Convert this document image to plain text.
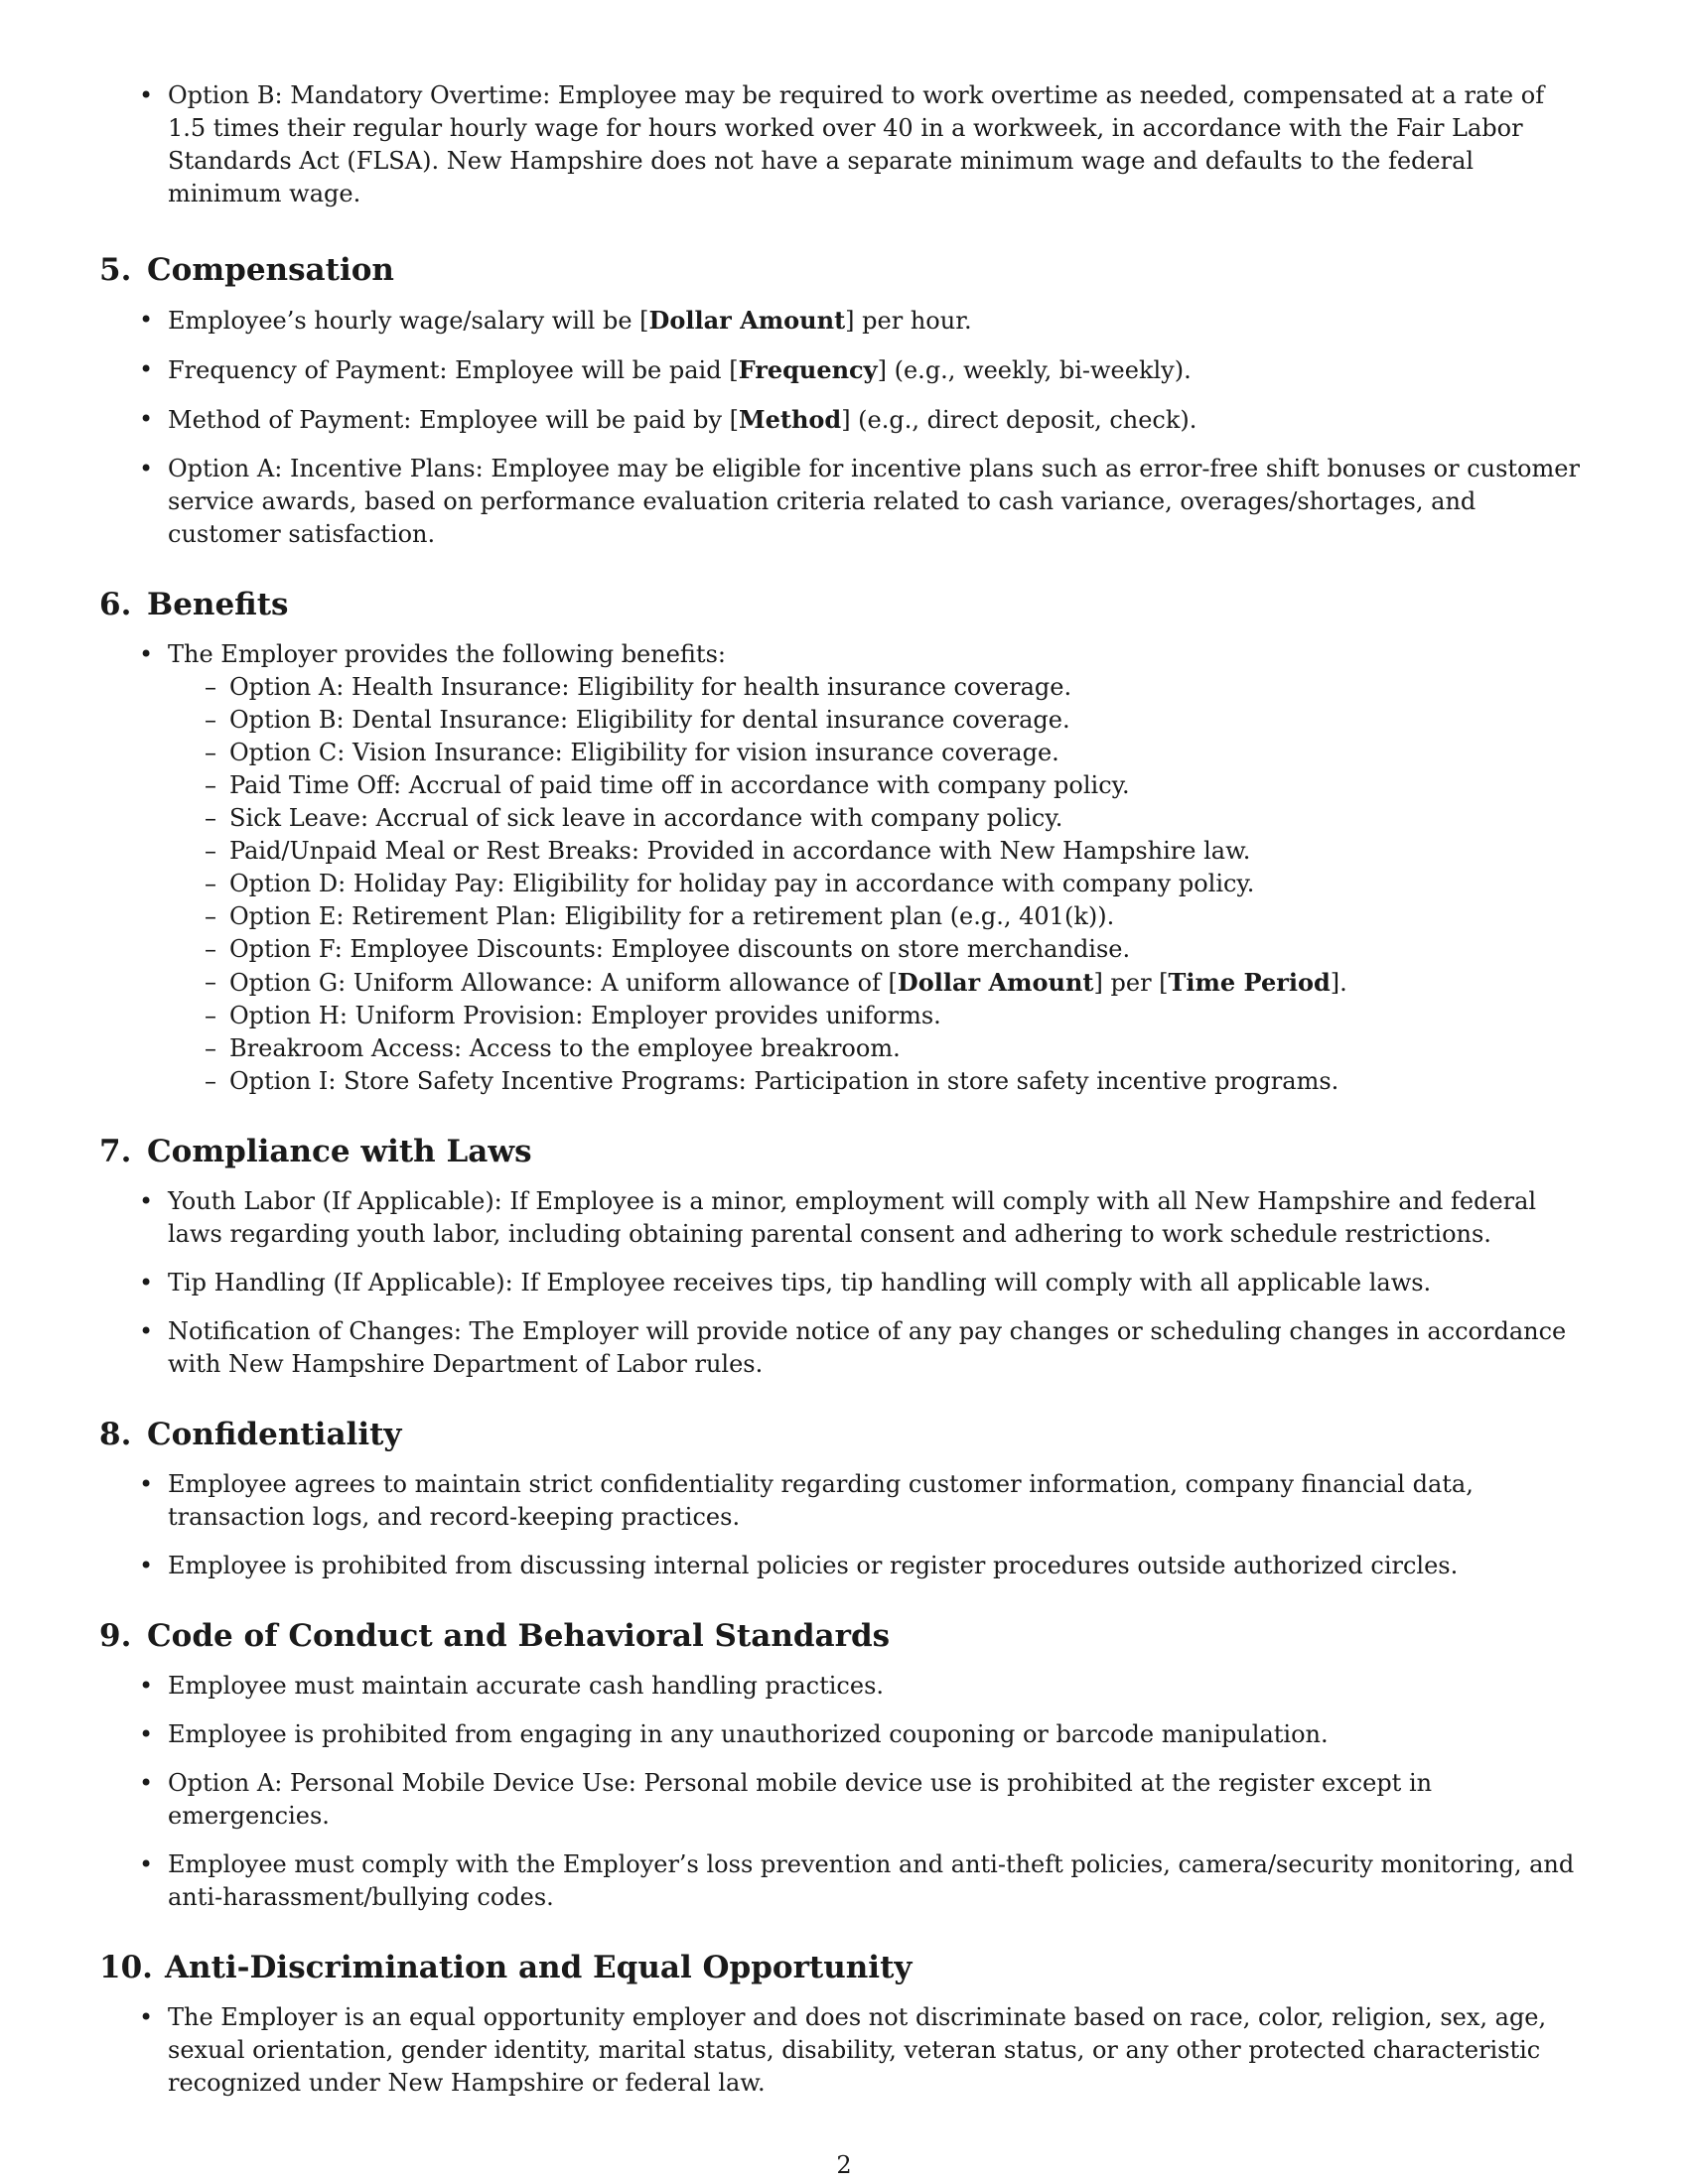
• Option B: Mandatory Overtime: Employee may be required to work overtime as needed, compensated at a rate of 1.5 times their regular hourly wage for hours worked over 40 in a workweek, in accordance with the Fair Labor Standards Act (FLSA). New Hampshire does not have a separate minimum wage and defaults to the federal minimum wage.
5. Compensation
• Employee’s hourly wage/salary will be [Dollar Amount] per hour.
• Frequency of Payment: Employee will be paid [Frequency] (e.g., weekly, bi-weekly).
• Method of Payment: Employee will be paid by [Method] (e.g., direct deposit, check).
• Option A: Incentive Plans: Employee may be eligible for incentive plans such as error-free shift bonuses or customer service awards, based on performance evaluation criteria related to cash variance, overages/shortages, and customer satisfaction.
6. Benefits
• The Employer provides the following benefits:
– Option A: Health Insurance: Eligibility for health insurance coverage.
– Option B: Dental Insurance: Eligibility for dental insurance coverage.
– Option C: Vision Insurance: Eligibility for vision insurance coverage.
– Paid Time Off: Accrual of paid time off in accordance with company policy.
– Sick Leave: Accrual of sick leave in accordance with company policy.
– Paid/Unpaid Meal or Rest Breaks: Provided in accordance with New Hampshire law.
– Option D: Holiday Pay: Eligibility for holiday pay in accordance with company policy.
– Option E: Retirement Plan: Eligibility for a retirement plan (e.g., 401(k)).
– Option F: Employee Discounts: Employee discounts on store merchandise.
– Option G: Uniform Allowance: A uniform allowance of [Dollar Amount] per [Time Period].
– Option H: Uniform Provision: Employer provides uniforms.
– Breakroom Access: Access to the employee breakroom.
– Option I: Store Safety Incentive Programs: Participation in store safety incentive programs.
7. Compliance with Laws
• Youth Labor (If Applicable): If Employee is a minor, employment will comply with all New Hampshire and federal laws regarding youth labor, including obtaining parental consent and adhering to work schedule restrictions.
• Tip Handling (If Applicable): If Employee receives tips, tip handling will comply with all applicable laws.
• Notification of Changes: The Employer will provide notice of any pay changes or scheduling changes in accordance with New Hampshire Department of Labor rules.
8. Confidentiality
• Employee agrees to maintain strict confidentiality regarding customer information, company financial data, transaction logs, and record-keeping practices.
• Employee is prohibited from discussing internal policies or register procedures outside authorized circles.
9. Code of Conduct and Behavioral Standards
• Employee must maintain accurate cash handling practices.
• Employee is prohibited from engaging in any unauthorized couponing or barcode manipulation.
• Option A: Personal Mobile Device Use: Personal mobile device use is prohibited at the register except in emergencies.
• Employee must comply with the Employer’s loss prevention and anti-theft policies, camera/security monitoring, and anti-harassment/bullying codes.
10. Anti-Discrimination and Equal Opportunity
• The Employer is an equal opportunity employer and does not discriminate based on race, color, religion, sex, age, sexual orientation, gender identity, marital status, disability, veteran status, or any other protected characteristic recognized under New Hampshire or federal law.
2
